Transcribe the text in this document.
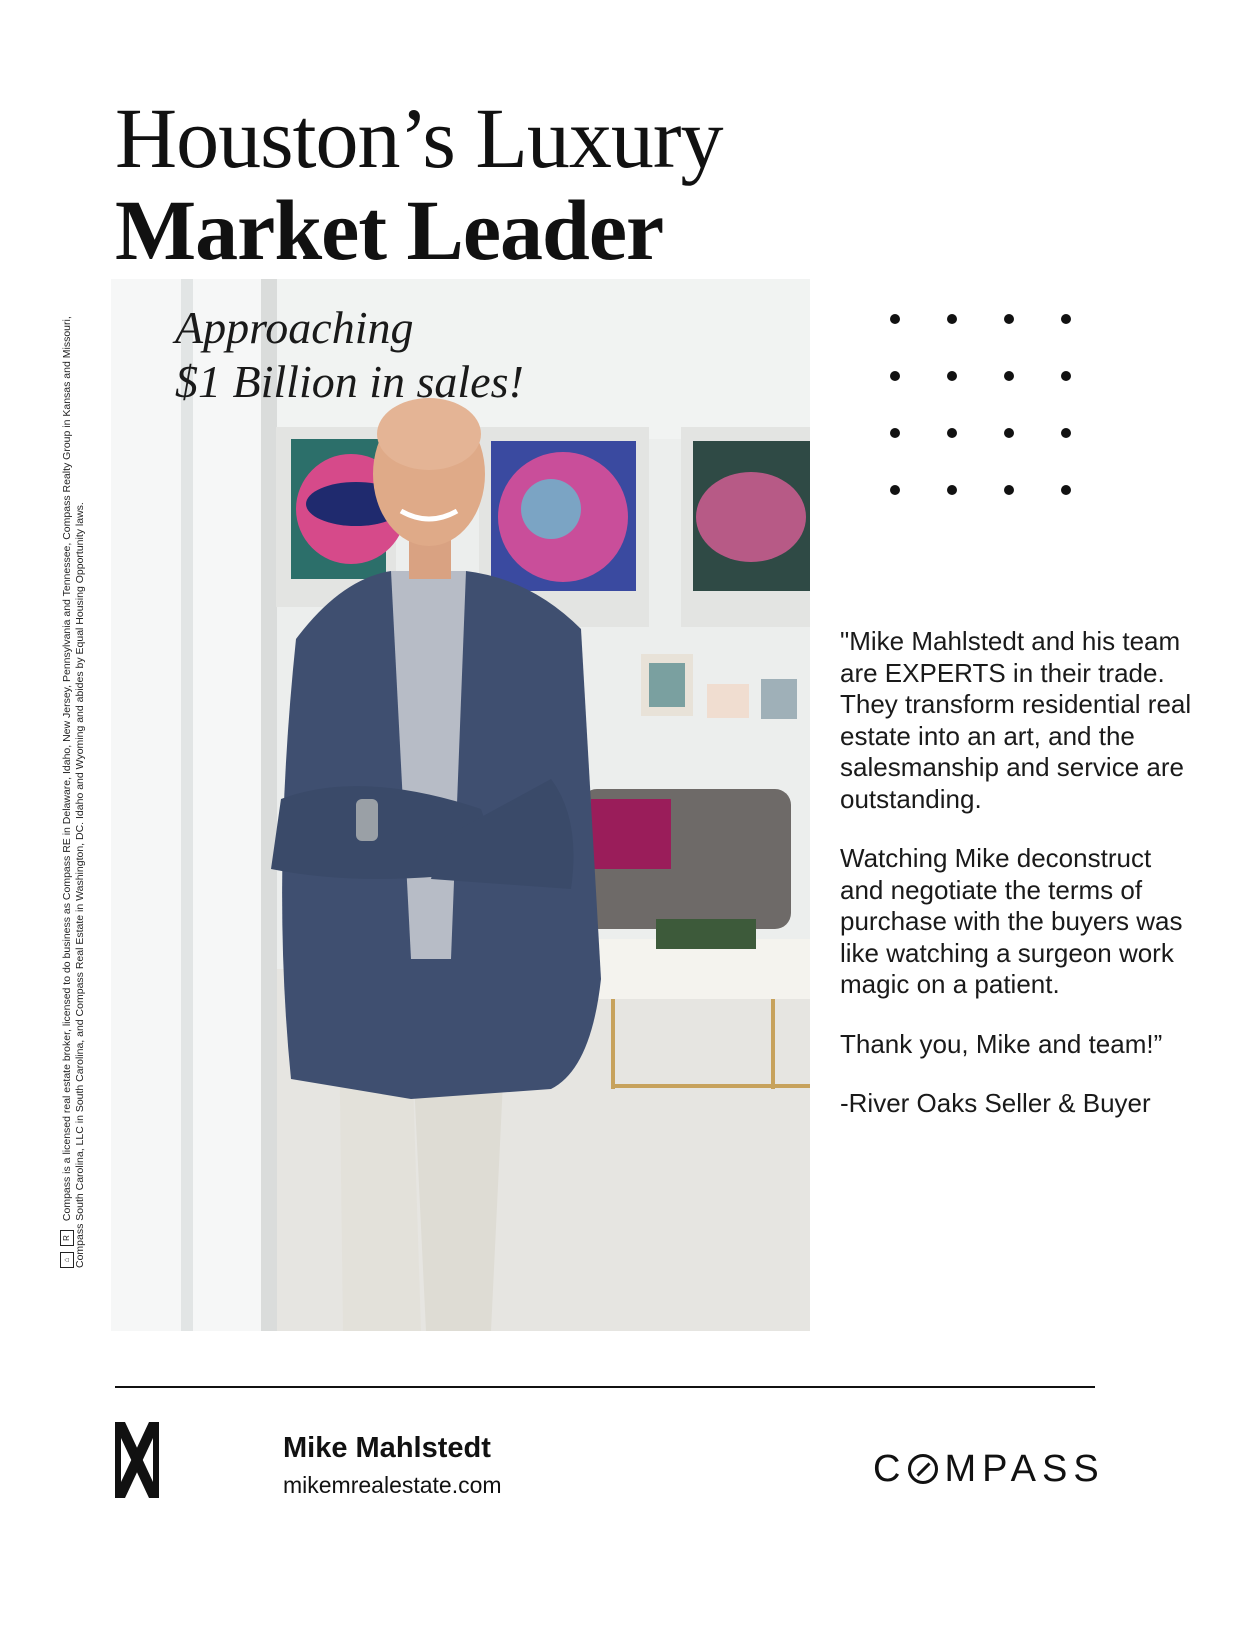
Houston’s Luxury
Market Leader
⌂R Compass is a licensed real estate broker, licensed to do business as Compass RE in Delaware, Idaho, New Jersey, Pennsylvania and Tennessee, Compass Realty Group in Kansas and Missouri, Compass South Carolina, LLC in South Carolina, and Compass Real Estate in Washington, DC. Idaho and Wyoming and abides by Equal Housing Opportunity laws.
Approaching
$1 Billion in sales!

"Mike Mahlstedt and his team are EXPERTS in their trade. They transform residential real estate into an art, and the salesmanship and service are outstanding.

Watching Mike deconstruct and negotiate the terms of purchase with the buyers was like watching a surgeon work magic on a patient.

Thank you, Mike and team!”

-River Oaks Seller & Buyer

Mike Mahlstedt
mikemrealestate.com	C MPASS
